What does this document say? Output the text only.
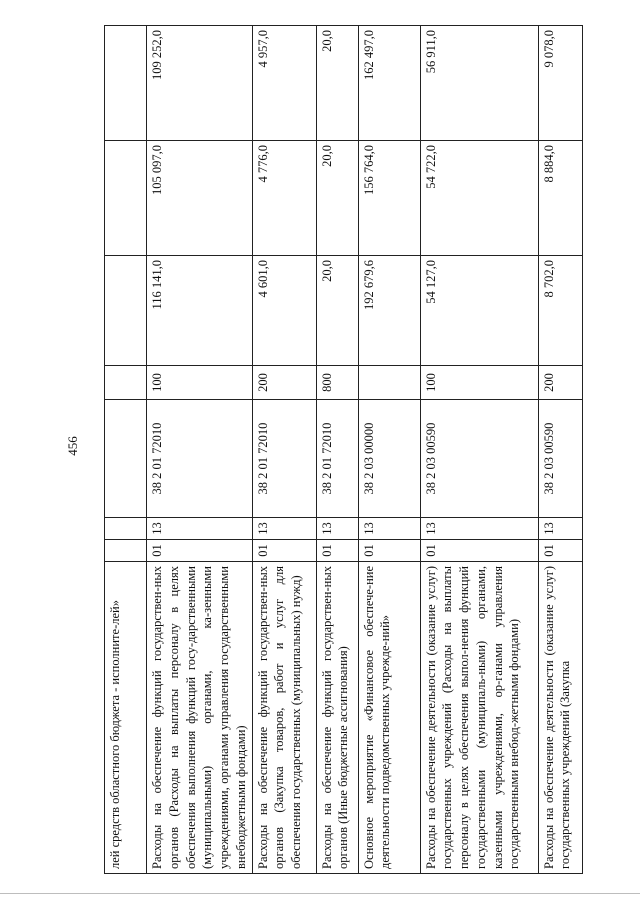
456
лей средств областного бюджета - исполните-лей»							
Расходы на обеспечение функций государствен-ных органов (Расходы на выплаты персоналу в целях обеспечения выполнения функций госу-дарственными (муниципальными) органами, ка-зенными учреждениями, органами управления государственными внебюджетными фондами)	01	13	38 2 01 72010	100	116 141,0	105 097,0	109 252,0
Расходы на обеспечение функций государствен-ных органов (Закупка товаров, работ и услуг для обеспечения государственных (муниципальных) нужд)	01	13	38 2 01 72010	200	4 601,0	4 776,0	4 957,0
Расходы на обеспечение функций государствен-ных органов (Иные бюджетные ассигнования)	01	13	38 2 01 72010	800	20,0	20,0	20,0
Основное мероприятие «Финансовое обеспече-ние деятельности подведомственных учрежде-ний»	01	13	38 2 03 00000		192 679,6	156 764,0	162 497,0
Расходы на обеспечение деятельности (оказание услуг) государственных учреждений (Расходы на выплаты персоналу в целях обеспечения выпол-нения функций государственными (муниципаль-ными) органами, казенными учреждениями, ор-ганами управления государственными внебюд-жетными фондами)	01	13	38 2 03 00590	100	54 127,0	54 722,0	56 911,0
Расходы на обеспечение деятельности (оказание услуг) государственных учреждений (Закупка	01	13	38 2 03 00590	200	8 702,0	8 884,0	9 078,0
